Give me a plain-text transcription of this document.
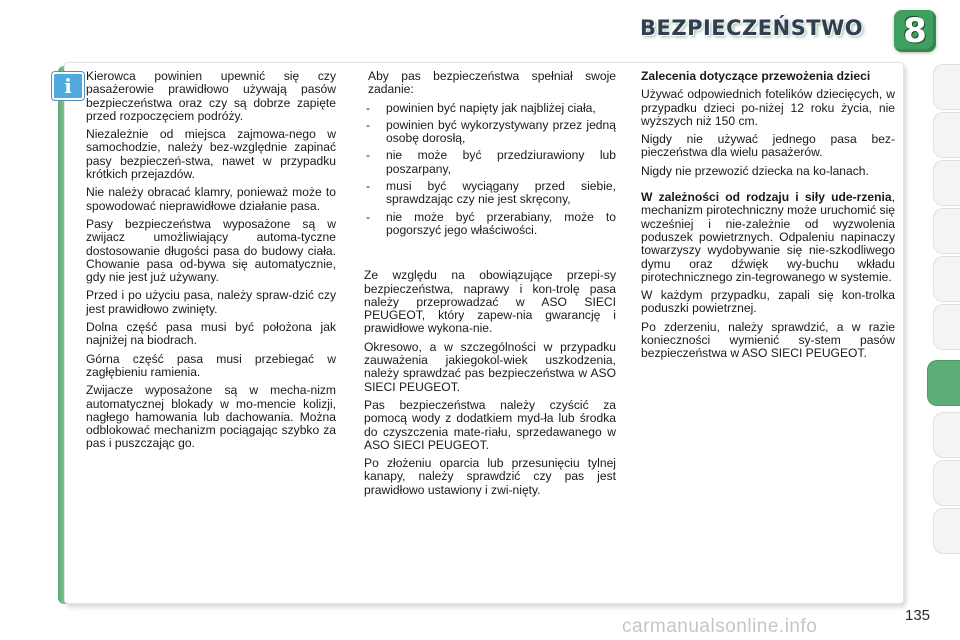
BEZPIECZEŃSTWO 8
i	Kierowca powinien upewnić się czy pasażerowie prawidłowo używają pasów bezpieczeństwa oraz czy są dobrze zapięte przed rozpoczęciem podróży.

Niezależnie od miejsca zajmowa-nego w samochodzie, należy bez-względnie zapinać pasy bezpieczeń-stwa, nawet w przypadku krótkich przejazdów.

Nie należy obracać klamry, ponieważ może to spowodować nieprawidłowe działanie pasa.

Pasy bezpieczeństwa wyposażone są w zwijacz umożliwiający automa-tyczne dostosowanie długości pasa do budowy ciała. Chowanie pasa od-bywa się automatycznie, gdy nie jest już używany.

Przed i po użyciu pasa, należy spraw-dzić czy jest prawidłowo zwinięty.

Dolna część pasa musi być położona jak najniżej na biodrach.

Górna część pasa musi przebiegać w zagłębieniu ramienia.

Zwijacze wyposażone są w mecha-nizm automatycznej blokady w mo-mencie kolizji, nagłego hamowania lub dachowania. Można odblokować mechanizm pociągając szybko za pas i puszczając go.

Aby pas bezpieczeństwa spełniał swoje zadanie:

- powinien być napięty jak najbliżej ciała,
- powinien być wykorzystywany przez jedną osobę dorosłą,
- nie może być przedziurawiony lub poszarpany,
- musi być wyciągany przed siebie, sprawdzając czy nie jest skręcony,
- nie może być przerabiany, może to pogorszyć jego właściwości.

Ze względu na obowiązujące przepi-sy bezpieczeństwa, naprawy i kon-trolę pasa należy przeprowadzać w ASO SIECI PEUGEOT, który zapew-nia gwarancję i prawidłowe wykona-nie.

Okresowo, a w szczególności w przypadku zauważenia jakiegokol-wiek uszkodzenia, należy sprawdzać pas bezpieczeństwa w ASO SIECI PEUGEOT.

Pas bezpieczeństwa należy czyścić za pomocą wody z dodatkiem myd-ła lub środka do czyszczenia mate-riału, sprzedawanego w ASO SIECI PEUGEOT.

Po złożeniu oparcia lub przesunięciu tylnej kanapy, należy sprawdzić czy pas jest prawidłowo ustawiony i zwi-nięty.

Zalecenia dotyczące przewożenia dzieci

Używać odpowiednich fotelików dziecięcych, w przypadku dzieci po-niżej 12 roku życia, nie wyższych niż 150 cm.

Nigdy nie używać jednego pasa bez-pieczeństwa dla wielu pasażerów.

Nigdy nie przewozić dziecka na ko-lanach.

W zależności od rodzaju i siły ude-rzenia, mechanizm pirotechniczny może uruchomić się wcześniej i nie-zależnie od wyzwolenia poduszek powietrznych. Odpaleniu napinaczy towarzyszy wydobywanie się nie-szkodliwego dymu oraz dźwięk wy-buchu wkładu pirotechnicznego zin-tegrowanego w systemie.

W każdym przypadku, zapali się kon-trolka poduszki powietrznej.

Po zderzeniu, należy sprawdzić, a w razie konieczności wymienić sy-stem pasów bezpieczeństwa w ASO SIECI PEUGEOT.

135
carmanualsonline.info
